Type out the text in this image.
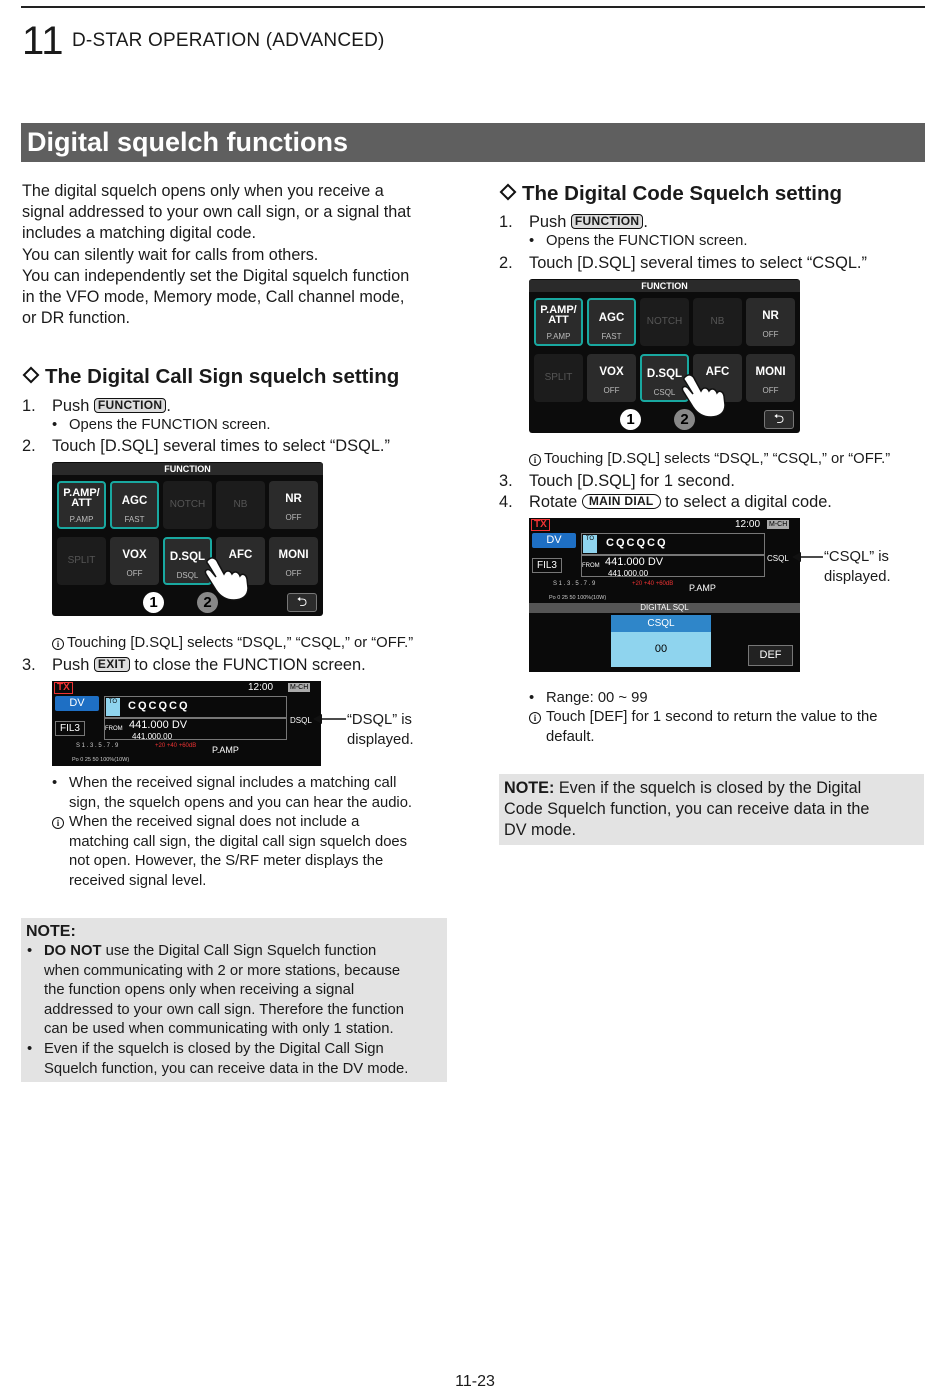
11 D-STAR OPERATION (ADVANCED)
Digital squelch functions

The digital squelch opens only when you receive a

signal addressed to your own call sign, or a signal that

includes a matching digital code.

You can silently wait for calls from others.

You can independently set the Digital squelch function

in the VFO mode, Memory mode, Call channel mode,

or DR function.

The Digital Call Sign squelch setting
1. Push FUNCTION .
• Opens the FUNCTION screen.
2. Touch [D.SQL] several times to select “DSQL.”
FUNCTION
P.AMP/
ATT
P.AMP
AGC
FAST
NOTCH	NB	NR
OFF
SPLIT	VOX
OFF
D.SQL
DSQL
AFC	MONI
OFF
1	2	⮌
i Touching [D.SQL] selects “DSQL,” “CSQL,” or “OFF.”
3. Push EXIT to close the FUNCTION screen.
TX	12:00 M-CH
DV
FIL3
TO CQCQCQ
FROM 441.000 DV
441.000.00
DSQL
S 1 . 3 . 5 . 7 . 9	+20 +40 +60dB P.AMP
Po 0 25 50 100%(10W)
“DSQL” is
displayed.
• When the received signal includes a matching call
sign, the squelch opens and you can hear the audio.
i When the received signal does not include a
matching call sign, the digital call sign squelch does
not open. However, the S/RF meter displays the
received signal level.
NOTE:
• DO NOT use the Digital Call Sign Squelch function
when communicating with 2 or more stations, because
the function opens only when receiving a signal
addressed to your own call sign. Therefore the function
can be used when communicating with only 1 station.
• Even if the squelch is closed by the Digital Call Sign
Squelch function, you can receive data in the DV mode.
The Digital Code Squelch setting
1. Push FUNCTION .
• Opens the FUNCTION screen.
2. Touch [D.SQL] several times to select “CSQL.”
FUNCTION
P.AMP/
ATT
P.AMP
AGC
FAST
NOTCH	NB	NR
OFF
SPLIT	VOX
OFF
D.SQL
CSQL
AFC	MONI
OFF
1	2	⮌
i Touching [D.SQL] selects “DSQL,” “CSQL,” or “OFF.”
3. Touch [D.SQL] for 1 second.
4. Rotate MAIN DIAL to select a digital code.
TX	12:00 M-CH
DV
FIL3
TO CQCQCQ
FROM 441.000 DV
441.000.00
CSQL
S 1 . 3 . 5 . 7 . 9	+20 +40 +60dB P.AMP
Po 0 25 50 100%(10W)
DIGITAL SQL
CSQL
00	DEF
“CSQL” is
displayed.
• Range: 00 ~ 99
i Touch [DEF] for 1 second to return the value to the
default.
NOTE: Even if the squelch is closed by the Digital
Code Squelch function, you can receive data in the
DV mode.
11-23
